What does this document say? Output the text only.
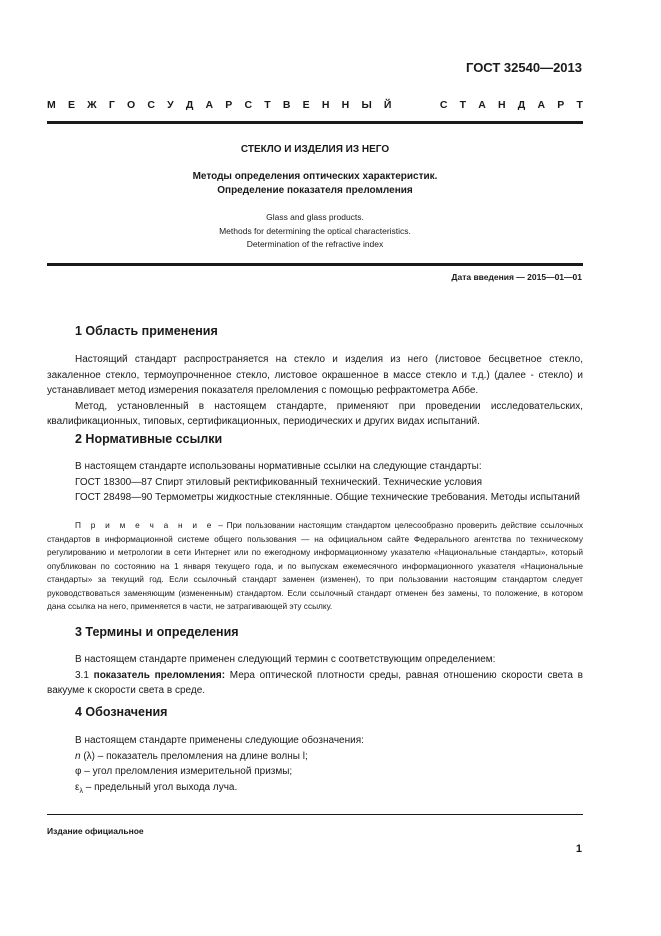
ГОСТ 32540—2013
М Е Ж Г О С У Д А Р С Т В Е Н Н Ы Й	С Т А Н Д А Р Т
СТЕКЛО И ИЗДЕЛИЯ ИЗ НЕГО
Методы определения оптических характеристик.
Определение показателя преломления
Glass and glass products.
Methods for determining the optical characteristics.
Determination of the refractive index
Дата введения — 2015—01—01
1 Область применения

Настоящий стандарт распространяется на стекло и изделия из него (листовое бесцветное стекло, закаленное стекло, термоупрочненное стекло, листовое окрашенное в массе стекло и т.д.) (далее - стекло) и устанавливает метод измерения показателя преломления с помощью рефрактометра Аббе.

Метод, установленный в настоящем стандарте, применяют при проведении исследовательских, квалификационных, типовых, сертификационных, периодических и других видах испытаний.

2 Нормативные ссылки

В настоящем стандарте использованы нормативные ссылки на следующие стандарты:

ГОСТ 18300—87 Спирт этиловый ректификованный технический. Технические условия

ГОСТ 28498—90 Термометры жидкостные стеклянные. Общие технические требования. Методы испытаний

П р и м е ч а н и е – При пользовании настоящим стандартом целесообразно проверить действие ссылочных стандартов в информационной системе общего пользования — на официальном сайте Федерального агентства по техническому регулированию и метрологии в сети Интернет или по ежегодному информационному указателю «Национальные стандарты», который опубликован по состоянию на 1 января текущего года, и по выпускам ежемесячного информационного указателя «Национальные стандарты» за текущий год. Если ссылочный стандарт заменен (изменен), то при пользовании настоящим стандартом следует руководствоваться заменяющим (измененным) стандартом. Если ссылочный стандарт отменен без замены, то положение, в котором дана ссылка на него, применяется в части, не затрагивающей эту ссылку.

3 Термины и определения

В настоящем стандарте применен следующий термин с соответствующим определением:

3.1 показатель преломления: Мера оптической плотности среды, равная отношению скорости света в вакууме к скорости света в среде.

4 Обозначения

В настоящем стандарте применены следующие обозначения:

n (λ) – показатель преломления на длине волны l;

φ – угол преломления измерительной призмы;

$\varepsilon_\lambda$ – предельный угол выхода луча.

Издание официальное
1
